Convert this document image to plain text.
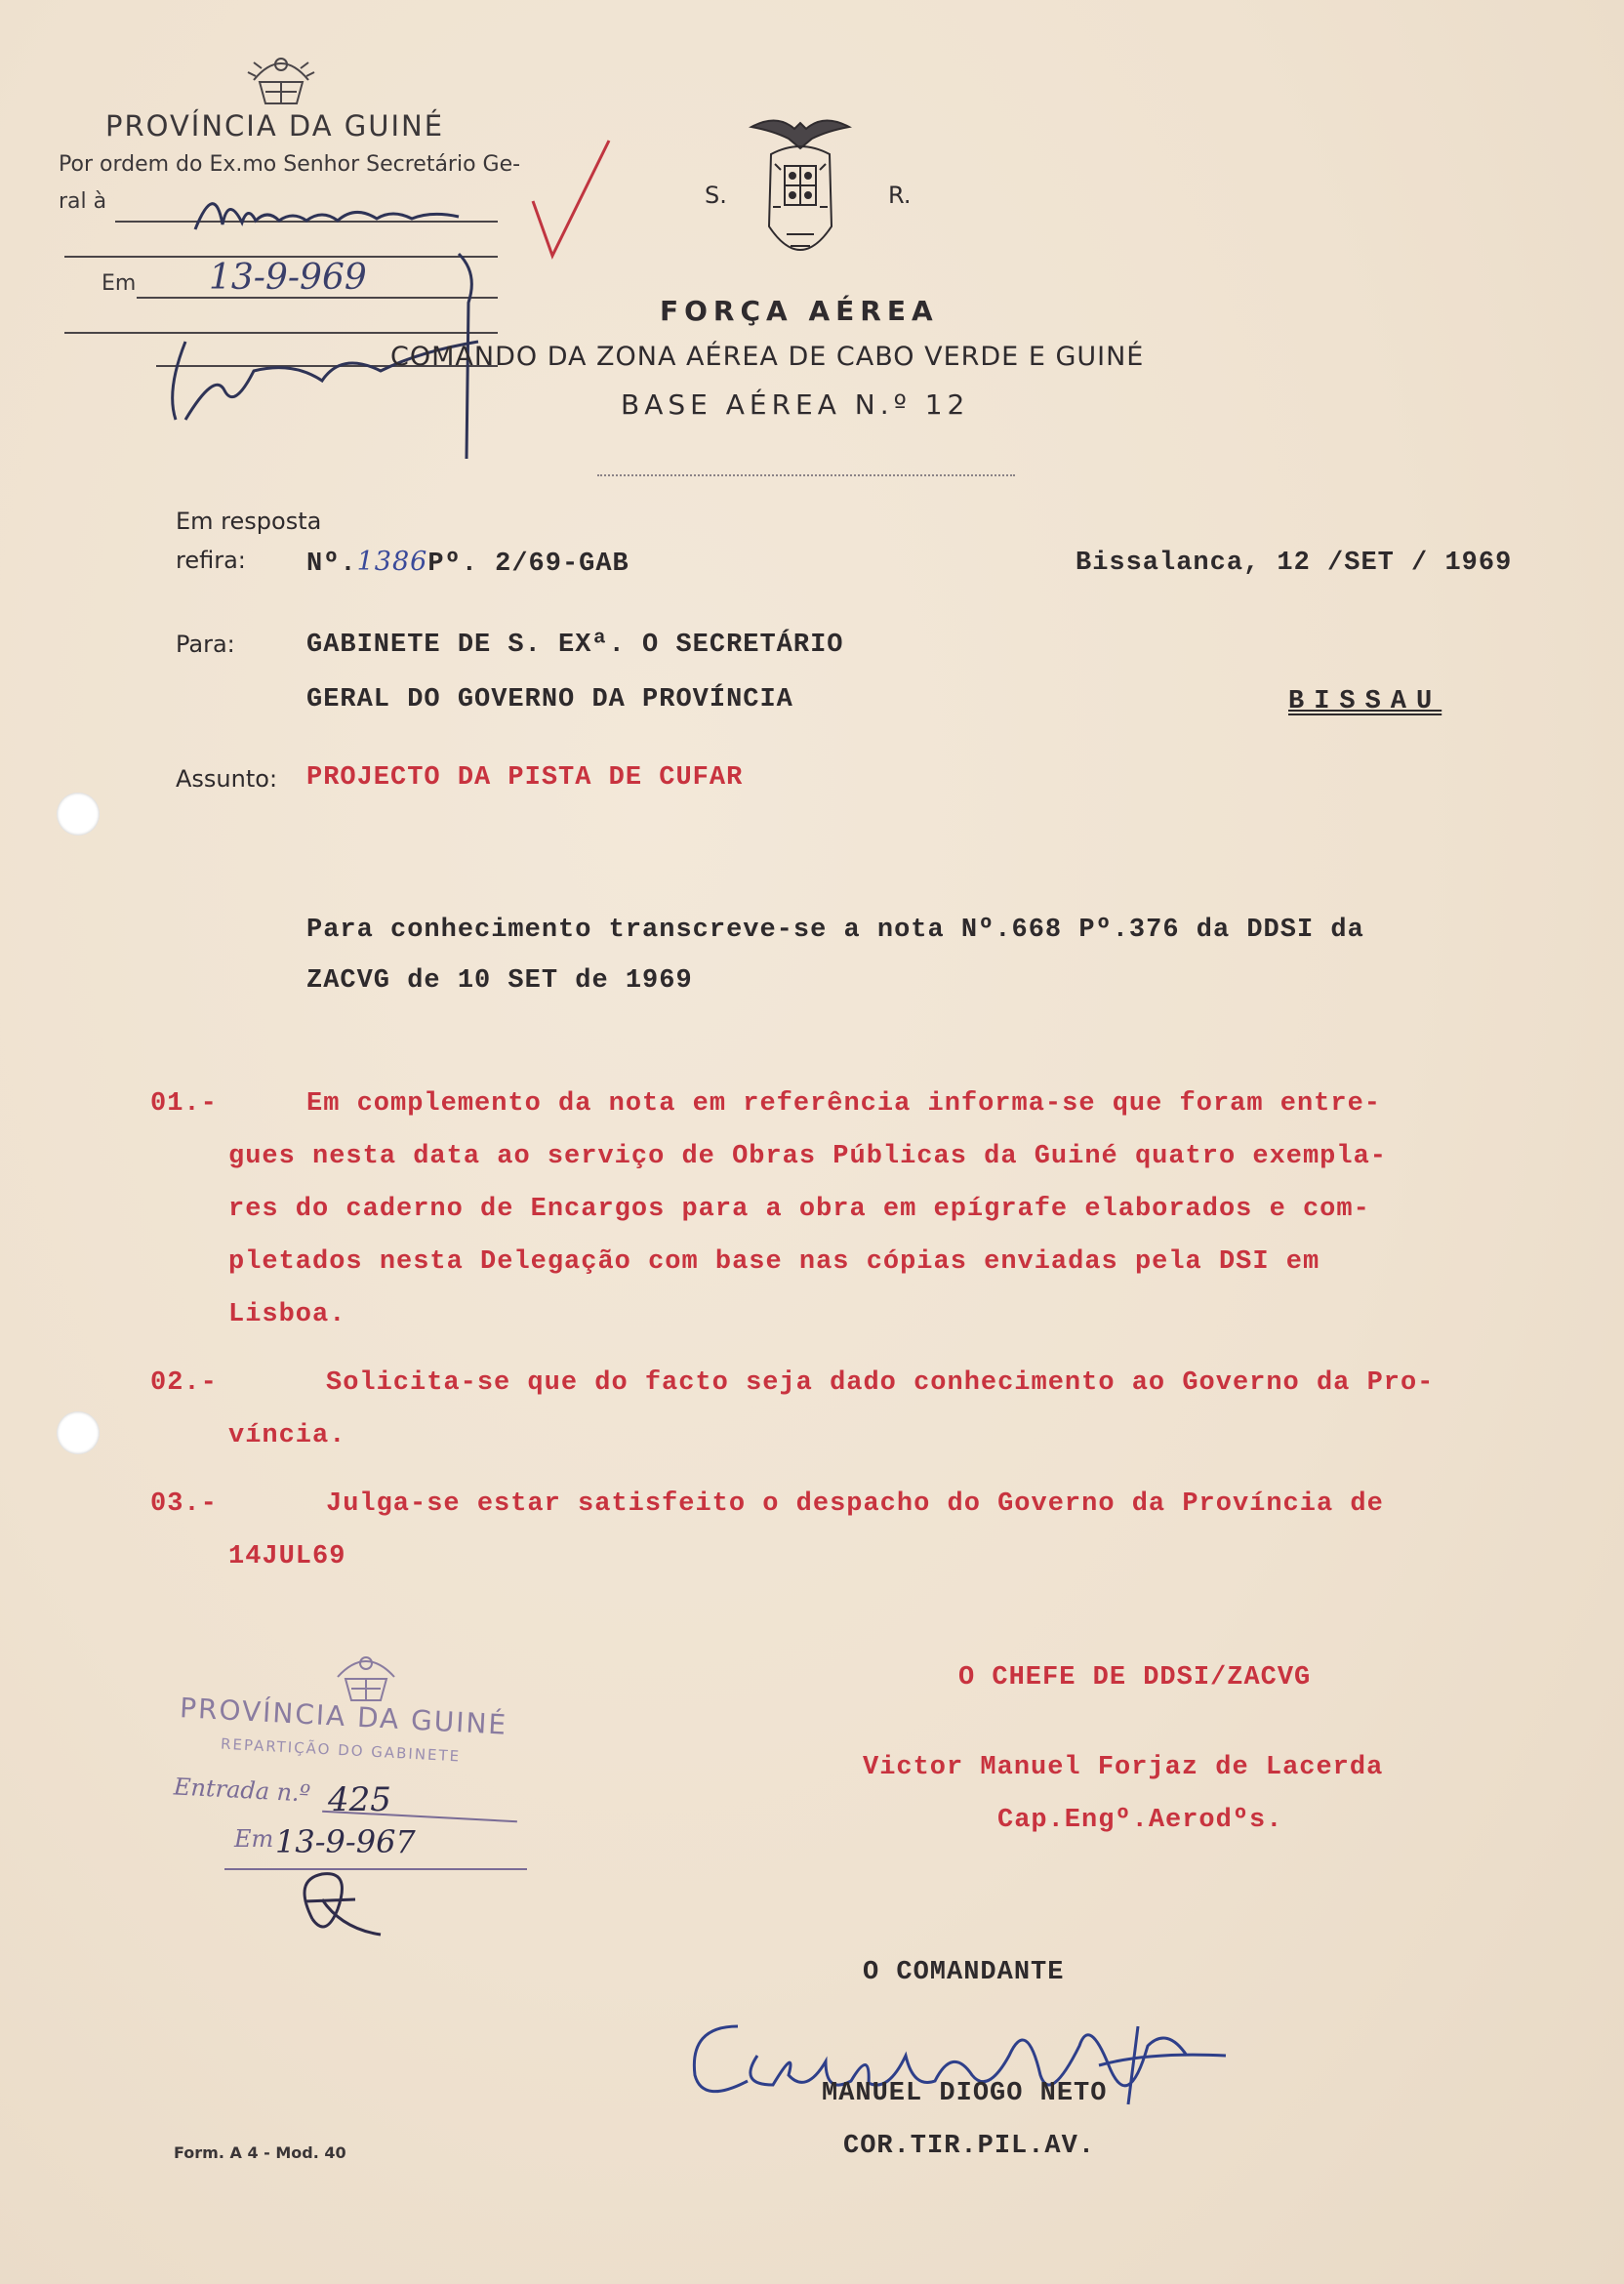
PROVÍNCIA DA GUINÉ
Por ordem do Ex.mo Senhor Secretário Ge-
ral à
Em 13-9-969
S.	R.
FORÇA AÉREA
COMANDO DA ZONA AÉREA DE CABO VERDE E GUINÉ
BASE AÉREA N.º 12
Em resposta
refira: Nº.1386Pº. 2/69-GAB	Bissalanca, 12 /SET / 1969
Para:	GABINETE DE S. EXª. O SECRETÁRIO
GERAL DO GOVERNO DA PROVÍNCIA	BISSAU
Assunto: PROJECTO DA PISTA DE CUFAR
Para conhecimento transcreve-se a nota Nº.668 Pº.376 da DDSI da
ZACVG de 10 SET de 1969
01.-	Em complemento da nota em referência informa-se que foram entre-
gues nesta data ao serviço de Obras Públicas da Guiné quatro exempla-
res do caderno de Encargos para a obra em epígrafe elaborados e com-
pletados nesta Delegação com base nas cópias enviadas pela DSI em
Lisboa.
02.-	Solicita-se que do facto seja dado conhecimento ao Governo da Pro-
víncia.
03.-	Julga-se estar satisfeito o despacho do Governo da Província de
14JUL69
O CHEFE DE DDSI/ZACVG
Victor Manuel Forjaz de Lacerda
Cap.Engº.Aerodºs.
PROVÍNCIA DA GUINÉ
REPARTIÇÃO DO GABINETE
Entrada n.º 425
Em 13-9-967
O COMANDANTE
MANUEL DIOGO NETO
COR.TIR.PIL.AV.
Form. A 4 - Mod. 40
